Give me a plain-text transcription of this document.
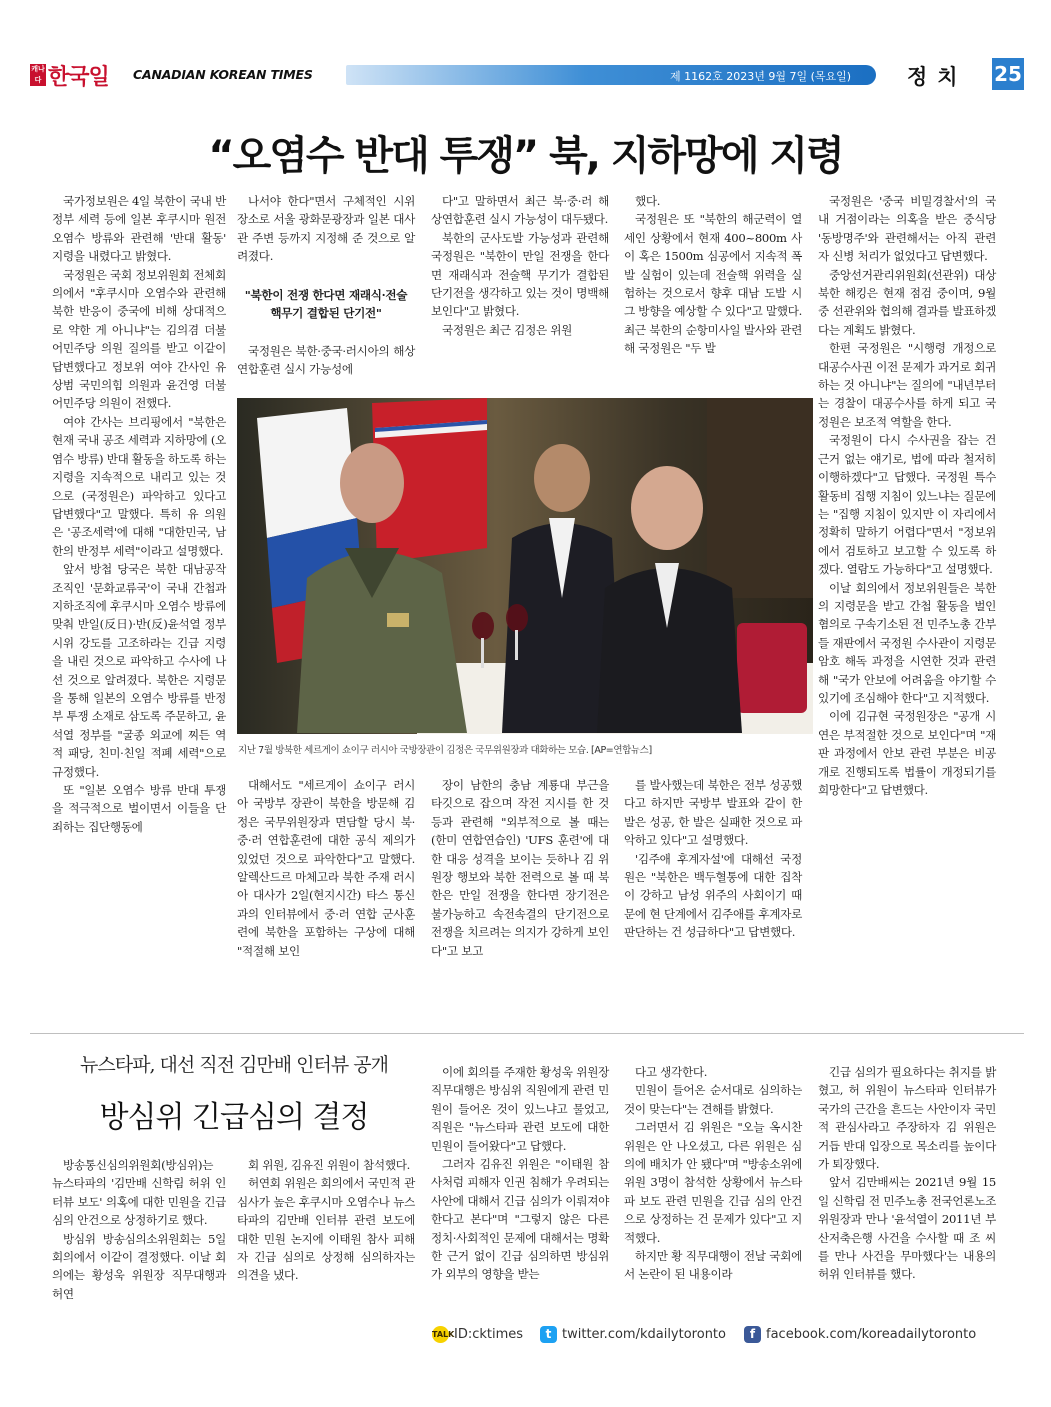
캐나다 한국일 CANADIAN KOREAN TIMES	제 1162호 2023년 9월 7일 (목요일)	정치 25
“오염수 반대 투쟁” 북, 지하망에 지령

국가정보원은 4일 북한이 국내 반정부 세력 등에 일본 후쿠시마 원전 오염수 방류와 관련해 '반대 활동' 지령을 내렸다고 밝혔다.

국정원은 국회 정보위원회 전체회의에서 "후쿠시마 오염수와 관련해 북한 반응이 중국에 비해 상대적으로 약한 게 아니냐"는 김의겸 더불어민주당 의원 질의를 받고 이같이 답변했다고 정보위 여야 간사인 유상범 국민의힘 의원과 윤건영 더불어민주당 의원이 전했다.

여야 간사는 브리핑에서 "북한은 현재 국내 공조 세력과 지하망에 (오염수 방류) 반대 활동을 하도록 하는 지령을 지속적으로 내리고 있는 것으로 (국정원은) 파악하고 있다고 답변했다"고 말했다. 특히 유 의원은 '공조세력'에 대해 "대한민국, 남한의 반정부 세력"이라고 설명했다.

앞서 방첩 당국은 북한 대남공작 조직인 '문화교류국'이 국내 간첩과 지하조직에 후쿠시마 오염수 방류에 맞춰 반일(反日)·반(反)윤석열 정부 시위 강도를 고조하라는 긴급 지령을 내린 것으로 파악하고 수사에 나선 것으로 알려졌다. 북한은 지령문을 통해 일본의 오염수 방류를 반정부 투쟁 소재로 삼도록 주문하고, 윤석열 정부를 "굴종 외교에 찌든 역적 패당, 친미·친일 적폐 세력"으로 규정했다.

또 "일본 오염수 방류 반대 투쟁을 적극적으로 벌이면서 이들을 단죄하는 집단행동에

나서야 한다"면서 구체적인 시위 장소로 서울 광화문광장과 일본 대사관 주변 등까지 지정해 준 것으로 알려졌다.

"북한이 전쟁 한다면 재래식·전술핵무기 결합된 단기전"

국정원은 북한·중국·러시아의 해상연합훈련 실시 가능성에

다"고 말하면서 최근 북·중·러 해상연합훈련 실시 가능성이 대두됐다.

북한의 군사도발 가능성과 관련해 국정원은 "북한이 만일 전쟁을 한다면 재래식과 전술핵 무기가 결합된 단기전을 생각하고 있는 것이 명백해 보인다"고 밝혔다.

국정원은 최근 김정은 위원

했다.

국정원은 또 "북한의 해군력이 열세인 상황에서 현재 400~800m 사이 혹은 1500m 심공에서 지속적 폭발 실험이 있는데 전술핵 위력을 실험하는 것으로서 향후 대남 도발 시 그 방향을 예상할 수 있다"고 말했다. 최근 북한의 순항미사일 발사와 관련해 국정원은 "두 발

국정원은 '중국 비밀경찰서'의 국내 거점이라는 의혹을 받은 중식당 '동방명주'와 관련해서는 아직 관련자 신병 처리가 없었다고 답변했다.

중앙선거관리위원회(선관위) 대상 북한 해킹은 현재 점검 중이며, 9월 중 선관위와 협의해 결과를 발표하겠다는 계획도 밝혔다.

한편 국정원은 "시행령 개정으로 대공수사권 이전 문제가 과거로 회귀하는 것 아니냐"는 질의에 "내년부터는 경찰이 대공수사를 하게 되고 국정원은 보조적 역할을 한다.

국정원이 다시 수사권을 잡는 건 근거 없는 얘기로, 법에 따라 철저히 이행하겠다"고 답했다. 국정원 특수활동비 집행 지침이 있느냐는 질문에는 "집행 지침이 있지만 이 자리에서 정확히 말하기 어렵다"면서 "정보위에서 검토하고 보고할 수 있도록 하겠다. 열람도 가능하다"고 설명했다.

이날 회의에서 정보위원들은 북한의 지령문을 받고 간첩 활동을 벌인 혐의로 구속기소된 전 민주노총 간부들 재판에서 국정원 수사관이 지령문 암호 해독 과정을 시연한 것과 관련해 "국가 안보에 어려움을 야기할 수 있기에 조심해야 한다"고 지적했다.

이에 김규현 국정원장은 "공개 시연은 부적절한 것으로 보인다"며 "재판 과정에서 안보 관련 부분은 비공개로 진행되도록 법률이 개정되기를 희망한다"고 답변했다.

지난 7월 방북한 세르게이 쇼이구 러시아 국방장관이 김정은 국무위원장과 대화하는 모습. [AP=연합뉴스]

대해서도 "세르게이 쇼이구 러시아 국방부 장관이 북한을 방문해 김정은 국무위원장과 면담할 당시 북·중·러 연합훈련에 대한 공식 제의가 있었던 것으로 파악한다"고 말했다. 알렉산드르 마체고라 북한 주재 러시아 대사가 2일(현지시간) 타스 통신과의 인터뷰에서 중·러 연합 군사훈련에 북한을 포함하는 구상에 대해 "적절해 보인

장이 남한의 충남 계룡대 부근을 타깃으로 잡으며 작전 지시를 한 것 등과 관련해 "외부적으로 볼 때는 (한미 연합연습인) 'UFS 훈련'에 대한 대응 성격을 보이는 듯하나 김 위원장 행보와 북한 전력으로 볼 때 북한은 만일 전쟁을 한다면 장기전은 불가능하고 속전속결의 단기전으로 전쟁을 치르려는 의지가 강하게 보인다"고 보고

를 발사했는데 북한은 전부 성공했다고 하지만 국방부 발표와 같이 한 발은 성공, 한 발은 실패한 것으로 파악하고 있다"고 설명했다.

'김주애 후계자설'에 대해선 국정원은 "북한은 백두혈통에 대한 집착이 강하고 남성 위주의 사회이기 때문에 현 단계에서 김주애를 후계자로 판단하는 건 성급하다"고 답변했다.

뉴스타파, 대선 직전 김만배 인터뷰 공개
방심위 긴급심의 결정

방송통신심의위원회(방심위)는 뉴스타파의 '김만배 신학림 허위 인터뷰 보도' 의혹에 대한 민원을 긴급 심의 안건으로 상정하기로 했다.

방심위 방송심의소위원회는 5일 회의에서 이같이 결정했다. 이날 회의에는 황성욱 위원장 직무대행과 허연

회 위원, 김유진 위원이 참석했다.

허연회 위원은 회의에서 국민적 관심사가 높은 후쿠시마 오염수나 뉴스타파의 김만배 인터뷰 관련 보도에 대한 민원 논지에 이태원 참사 피해자 긴급 심의로 상정해 심의하자는 의견을 냈다.

이에 회의를 주재한 황성욱 위원장 직무대행은 방심위 직원에게 관련 민원이 들어온 것이 있느냐고 물었고, 직원은 "뉴스타파 관련 보도에 대한 민원이 들어왔다"고 답했다.

그러자 김유진 위원은 "이태원 참사처럼 피해자 인권 침해가 우려되는 사안에 대해서 긴급 심의가 이뤄져야 한다고 본다"며 "그렇지 않은 다른 정치·사회적인 문제에 대해서는 명확한 근거 없이 긴급 심의하면 방심위가 외부의 영향을 받는

다고 생각한다.

민원이 들어온 순서대로 심의하는 것이 맞는다"는 견해를 밝혔다.

그러면서 김 위원은 "오늘 옥시찬 위원은 안 나오셨고, 다른 위원은 심의에 배치가 안 됐다"며 "방송소위에 위원 3명이 참석한 상황에서 뉴스타파 보도 관련 민원을 긴급 심의 안건으로 상정하는 건 문제가 있다"고 지적했다.

하지만 황 직무대행이 전날 국회에서 논란이 된 내용이라

긴급 심의가 필요하다는 취지를 밝혔고, 허 위원이 뉴스타파 인터뷰가 국가의 근간을 흔드는 사안이자 국민적 관심사라고 주장하자 김 위원은 거듭 반대 입장으로 목소리를 높이다가 퇴장했다.

앞서 김만배씨는 2021년 9월 15일 신학림 전 민주노총 전국언론노조 위원장과 만나 '윤석열이 2011년 부산저축은행 사건을 수사할 때 조 씨를 만나 사건을 무마했다'는 내용의 허위 인터뷰를 했다.

TALK ID:cktimes	t twitter.com/kdailytoronto	f facebook.com/koreadailytoronto
